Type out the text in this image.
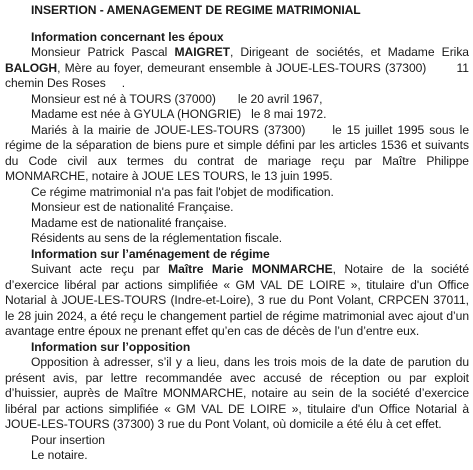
INSERTION - AMENAGEMENT DE REGIME MATRIMONIAL

Information concernant les époux

Monsieur Patrick Pascal MAIGRET, Dirigeant de sociétés, et Madame Erika BALOGH, Mère au foyer, demeurant ensemble à JOUE-LES-TOURS (37300)	11 chemin Des Roses .

Monsieur est né à TOURS (37000) le 20 avril 1967,

Madame est née à GYULA (HONGRIE) le 8 mai 1972.

Mariés à la mairie de JOUE-LES-TOURS (37300) le 15 juillet 1995 sous le régime de la séparation de biens pure et simple défini par les articles 1536 et suivants du Code civil aux termes du contrat de mariage reçu par Maître Philippe MONMARCHE, notaire à JOUE LES TOURS, le 13 juin 1995.

Ce régime matrimonial n'a pas fait l'objet de modification.

Monsieur est de nationalité Française.

Madame est de nationalité française.

Résidents au sens de la réglementation fiscale.

Information sur l’aménagement de régime

Suivant acte reçu par Maître Marie MONMARCHE, Notaire de la société d’exercice libéral par actions simplifiée « GM VAL DE LOIRE », titulaire d'un Office Notarial à JOUE-LES-TOURS (Indre-et-Loire), 3 rue du Pont Volant, CRPCEN 37011, le 28 juin 2024, a été reçu le changement partiel de régime matrimonial avec ajout d’un avantage entre époux ne prenant effet qu’en cas de décès de l’un d’entre eux.

Information sur l’opposition

Opposition à adresser, s’il y a lieu, dans les trois mois de la date de parution du présent avis, par lettre recommandée avec accusé de réception ou par exploit d’huissier, auprès de Maître MONMARCHE, notaire au sein de la société d’exercice libéral par actions simplifiée « GM VAL DE LOIRE », titulaire d'un Office Notarial à JOUE-LES-TOURS (37300) 3 rue du Pont Volant, où domicile a été élu à cet effet.

Pour insertion

Le notaire.
